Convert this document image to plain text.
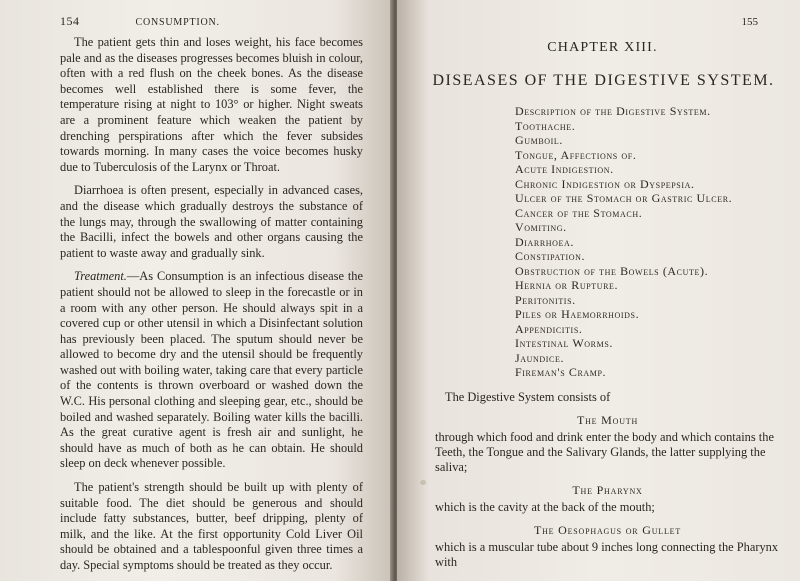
154	CONSUMPTION.

The patient gets thin and loses weight, his face becomes pale and as the diseases progresses becomes bluish in colour, often with a red flush on the cheek bones. As the disease becomes well established there is some fever, the temperature rising at night to 103° or higher. Night sweats are a prominent feature which weaken the patient by drenching perspirations after which the fever subsides towards morning. In many cases the voice becomes husky due to Tuberculosis of the Larynx or Throat.

Diarrhoea is often present, especially in advanced cases, and the disease which gradually destroys the substance of the lungs may, through the swallowing of matter containing the Bacilli, infect the bowels and other organs causing the patient to waste away and gradually sink.

Treatment.—As Consumption is an infectious disease the patient should not be allowed to sleep in the forecastle or in a room with any other person. He should always spit in a covered cup or other utensil in which a Disinfectant solution has previously been placed. The sputum should never be allowed to become dry and the utensil should be frequently washed out with boiling water, taking care that every particle of the contents is thrown overboard or washed down the W.C. His personal clothing and sleeping gear, etc., should be boiled and washed separately. Boiling water kills the bacilli. As the great curative agent is fresh air and sunlight, he should have as much of both as he can obtain. He should sleep on deck whenever possible.

The patient's strength should be built up with plenty of suitable food. The diet should be generous and should include fatty substances, butter, beef dripping, plenty of milk, and the like. At the first opportunity Cold Liver Oil should be obtained and a tablespoonful given three times a day. Special symptoms should be treated as they occur.

155
CHAPTER XIII.
DISEASES OF THE DIGESTIVE SYSTEM.
Description of the Digestive System.
Toothache.
Gumboil.
Tongue, Affections of.
Acute Indigestion.
Chronic Indigestion or Dyspepsia.
Ulcer of the Stomach or Gastric Ulcer.
Cancer of the Stomach.
Vomiting.
Diarrhoea.
Constipation.
Obstruction of the Bowels (Acute).
Hernia or Rupture.
Peritonitis.
Piles or Haemorrhoids.
Appendicitis.
Intestinal Worms.
Jaundice.
Fireman's Cramp.
The Digestive System consists of
The Mouth
through which food and drink enter the body and which contains the Teeth, the Tongue and the Salivary Glands, the latter supplying the saliva;
The Pharynx
which is the cavity at the back of the mouth;
The Oesophagus or Gullet
which is a muscular tube about 9 inches long connecting the Pharynx with
